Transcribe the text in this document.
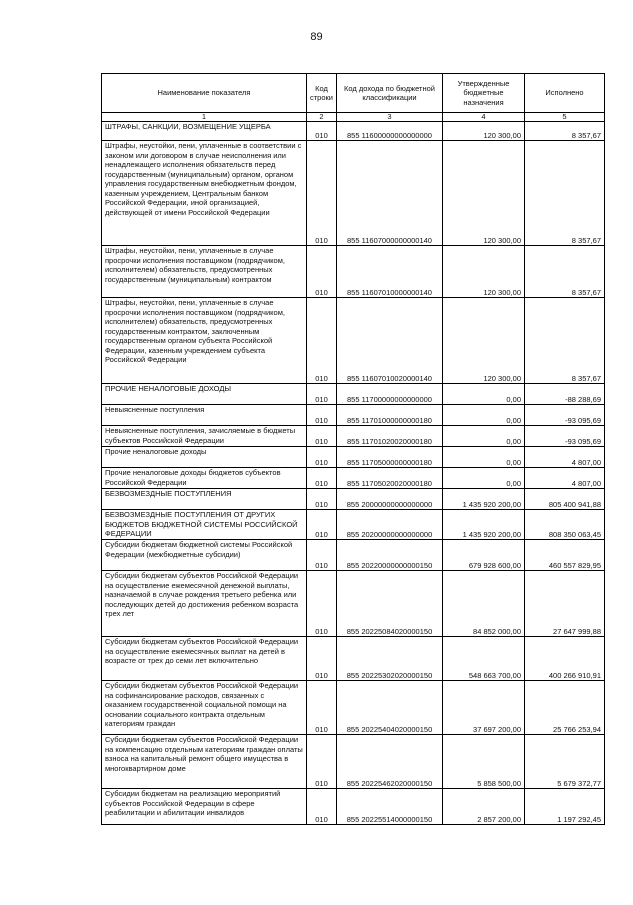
89
Наименование показателя	Код строки	Код дохода по бюджетной классификации	Утвержденные бюджетные назначения	Исполнено
1	2	3	4	5
ШТРАФЫ, САНКЦИИ, ВОЗМЕЩЕНИЕ УЩЕРБА	010	855 11600000000000000	120 300,00	8 357,67
Штрафы, неустойки, пени, уплаченные в соответствии с законом или договором в случае неисполнения или ненадлежащего исполнения обязательств перед государственным (муниципальным) органом, органом управления государственным внебюджетным фондом, казенным учреждением, Центральным банком Российской Федерации, иной организацией, действующей от имени Российской Федерации	010	855 11607000000000140	120 300,00	8 357,67
Штрафы, неустойки, пени, уплаченные в случае просрочки исполнения поставщиком (подрядчиком, исполнителем) обязательств, предусмотренных государственным (муниципальным) контрактом	010	855 11607010000000140	120 300,00	8 357,67
Штрафы, неустойки, пени, уплаченные в случае просрочки исполнения поставщиком (подрядчиком, исполнителем) обязательств, предусмотренных государственным контрактом, заключенным государственным органом субъекта Российской Федерации, казенным учреждением субъекта Российской Федерации	010	855 11607010020000140	120 300,00	8 357,67
ПРОЧИЕ НЕНАЛОГОВЫЕ ДОХОДЫ	010	855 11700000000000000	0,00	-88 288,69
Невыясненные поступления	010	855 11701000000000180	0,00	-93 095,69
Невыясненные поступления, зачисляемые в бюджеты субъектов Российской Федерации	010	855 11701020020000180	0,00	-93 095,69
Прочие неналоговые доходы	010	855 11705000000000180	0,00	4 807,00
Прочие неналоговые доходы бюджетов субъектов Российской Федерации	010	855 11705020020000180	0,00	4 807,00
БЕЗВОЗМЕЗДНЫЕ ПОСТУПЛЕНИЯ	010	855 20000000000000000	1 435 920 200,00	805 400 941,88
БЕЗВОЗМЕЗДНЫЕ ПОСТУПЛЕНИЯ ОТ ДРУГИХ БЮДЖЕТОВ БЮДЖЕТНОЙ СИСТЕМЫ РОССИЙСКОЙ ФЕДЕРАЦИИ	010	855 20200000000000000	1 435 920 200,00	808 350 063,45
Субсидии бюджетам бюджетной системы Российской Федерации (межбюджетные субсидии)	010	855 20220000000000150	679 928 600,00	460 557 829,95
Субсидии бюджетам субъектов Российской Федерации на осуществление ежемесячной денежной выплаты, назначаемой в случае рождения третьего ребенка или последующих детей до достижения ребенком возраста трех лет	010	855 20225084020000150	84 852 000,00	27 647 999,88
Субсидии бюджетам субъектов Российской Федерации на осуществление ежемесячных выплат на детей в возрасте от трех до семи лет включительно	010	855 20225302020000150	548 663 700,00	400 266 910,91
Субсидии бюджетам субъектов Российской Федерации на софинансирование расходов, связанных с оказанием государственной социальной помощи на основании социального контракта отдельным категориям граждан	010	855 20225404020000150	37 697 200,00	25 766 253,94
Субсидии бюджетам субъектов Российской Федерации на компенсацию отдельным категориям граждан оплаты взноса на капитальный ремонт общего имущества в многоквартирном доме	010	855 20225462020000150	5 858 500,00	5 679 372,77
Субсидии бюджетам на реализацию мероприятий субъектов Российской Федерации в сфере реабилитации и абилитации инвалидов	010	855 20225514000000150	2 857 200,00	1 197 292,45
